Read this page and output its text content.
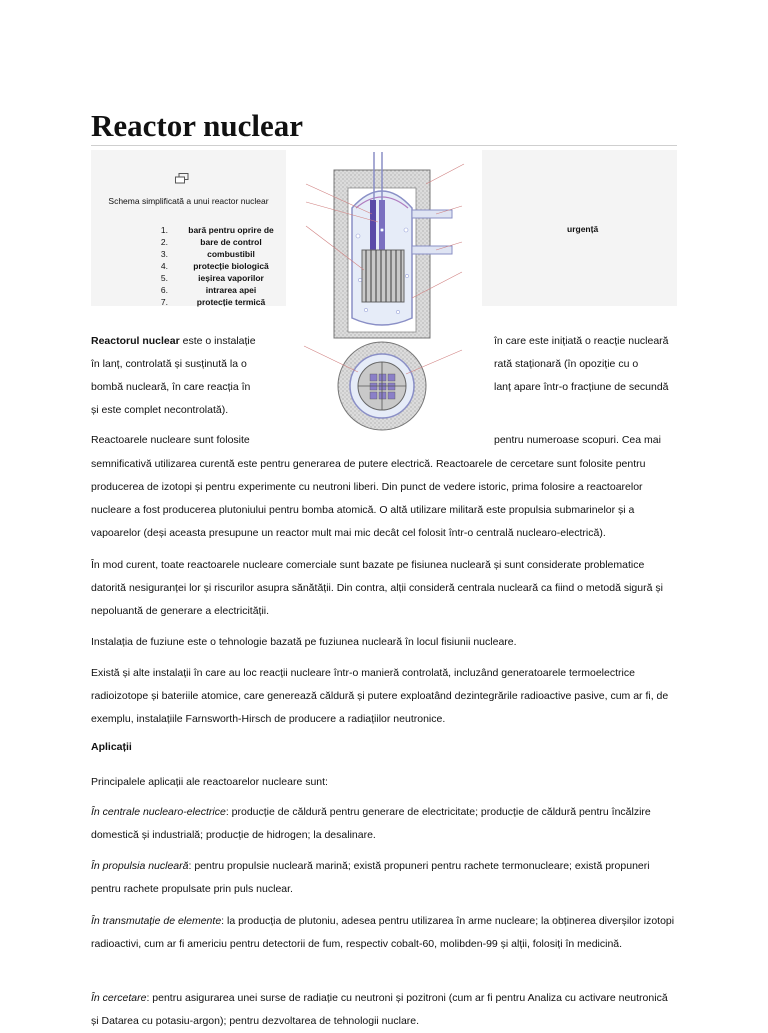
Reactor nuclear
Schema simplificată a unui reactor nuclear
1.	bară pentru oprire de
2.	bare de control
3.	combustibil
4.	protecție biologică
5.	ieșirea vaporilor
6.	intrarea apei
7.	protecție termică
urgență
Reactorul nuclear este o instalație	în care este inițiată o reacție nucleară
în lanț, controlată și susținută la o	rată staționară (în opoziție cu o
bombă nucleară, în care reacția în	lanț apare într-o fracțiune de secundă
și este complet necontrolată).
Reactoarele nucleare sunt folosite	pentru numeroase scopuri. Cea mai

semnificativă utilizarea curentă este pentru generarea de putere electrică. Reactoarele de cercetare sunt folosite pentru producerea de izotopi și pentru experimente cu neutroni liberi. Din punct de vedere istoric, prima folosire a reactoarelor nucleare a fost producerea plutoniului pentru bomba atomică. O altă utilizare militară este propulsia submarinelor și a vapoarelor (deși aceasta presupune un reactor mult mai mic decât cel folosit într-o centrală nuclearo-electrică).

În mod curent, toate reactoarele nucleare comerciale sunt bazate pe fisiunea nucleară și sunt considerate problematice datorită nesiguranței lor și riscurilor asupra sănătății. Din contra, alții consideră centrala nucleară ca fiind o metodă sigură și nepoluantă de generare a electricității.

Instalația de fuziune este o tehnologie bazată pe fuziunea nucleară în locul fisiunii nucleare.

Există și alte instalații în care au loc reacții nucleare într-o manieră controlată, incluzând generatoarele termoelectrice radioizotope și bateriile atomice, care generează căldură și putere exploatând dezintegrările radioactive pasive, cum ar fi, de exemplu, instalațiile Farnsworth-Hirsch de producere a radiațiilor neutronice.

Aplicații

Principalele aplicații ale reactoarelor nucleare sunt:

În centrale nuclearo-electrice: producție de căldură pentru generare de electricitate; producție de căldură pentru încălzire domestică și industrială; producție de hidrogen; la desalinare.

În propulsia nucleară: pentru propulsie nucleară marină; există propuneri pentru rachete termonucleare; există propuneri pentru rachete propulsate prin puls nuclear.

În transmutație de elemente: la producția de plutoniu, adesea pentru utilizarea în arme nucleare; la obținerea diverșilor izotopi radioactivi, cum ar fi americiu pentru detectorii de fum, respectiv cobalt-60, molibden-99 și alții, folosiți în medicină.

În cercetare: pentru asigurarea unei surse de radiație cu neutroni și pozitroni (cum ar fi pentru Analiza cu activare neutronică și Datarea cu potasiu-argon); pentru dezvoltarea de tehnologii nuclare.
